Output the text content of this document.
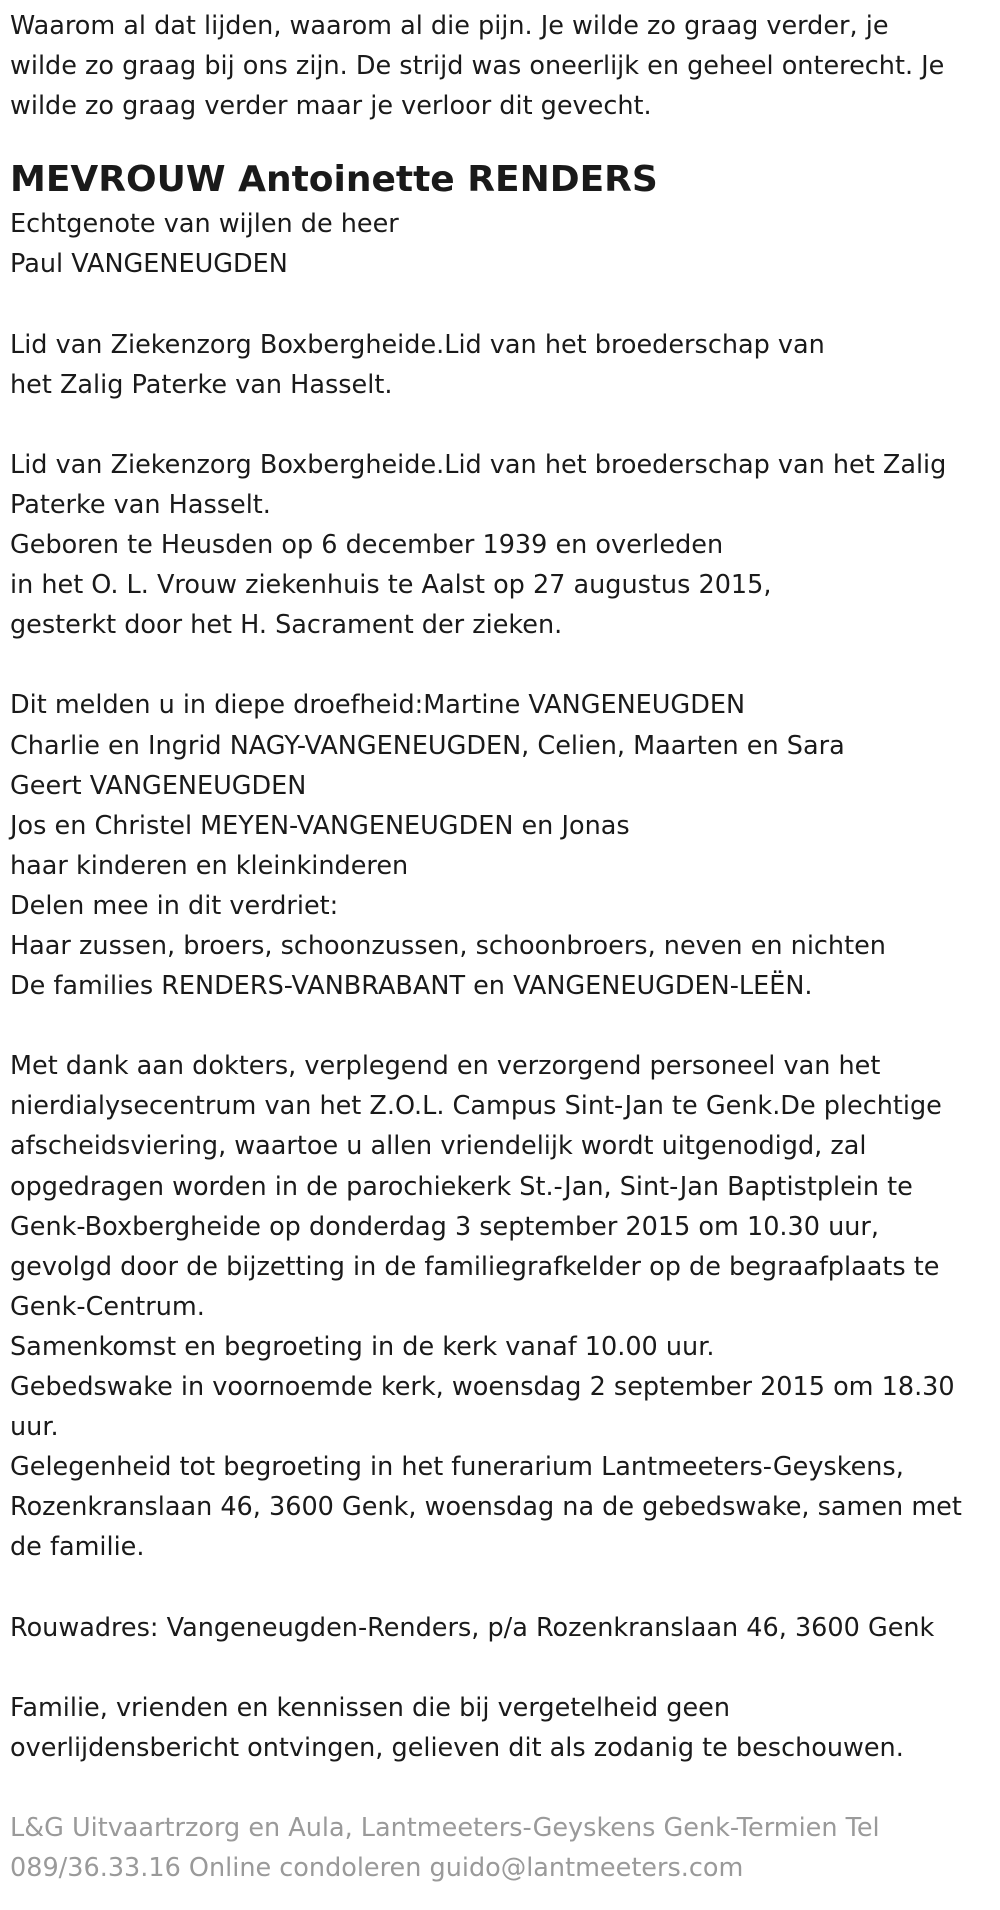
Waarom al dat lijden, waarom al die pijn. Je wilde zo graag verder, je

wilde zo graag bij ons zijn. De strijd was oneerlijk en geheel onterecht. Je

wilde zo graag verder maar je verloor dit gevecht.

MEVROUW Antoinette RENDERS

Echtgenote van wijlen de heer

Paul VANGENEUGDEN

Lid van Ziekenzorg Boxbergheide.Lid van het broederschap van

het Zalig Paterke van Hasselt.

Lid van Ziekenzorg Boxbergheide.Lid van het broederschap van het Zalig

Paterke van Hasselt.

Geboren te Heusden op 6 december 1939 en overleden

in het O. L. Vrouw ziekenhuis te Aalst op 27 augustus 2015,

gesterkt door het H. Sacrament der zieken.

Dit melden u in diepe droefheid:Martine VANGENEUGDEN

Charlie en Ingrid NAGY-VANGENEUGDEN, Celien, Maarten en Sara

Geert VANGENEUGDEN

Jos en Christel MEYEN-VANGENEUGDEN en Jonas

haar kinderen en kleinkinderen

Delen mee in dit verdriet:

Haar zussen, broers, schoonzussen, schoonbroers, neven en nichten

De families RENDERS-VANBRABANT en VANGENEUGDEN-LEËN.

Met dank aan dokters, verplegend en verzorgend personeel van het

nierdialysecentrum van het Z.O.L. Campus Sint-Jan te Genk.De plechtige

afscheidsviering, waartoe u allen vriendelijk wordt uitgenodigd, zal

opgedragen worden in de parochiekerk St.-Jan, Sint-Jan Baptistplein te

Genk-Boxbergheide op donderdag 3 september 2015 om 10.30 uur,

gevolgd door de bijzetting in de familiegrafkelder op de begraafplaats te

Genk-Centrum.

Samenkomst en begroeting in de kerk vanaf 10.00 uur.

Gebedswake in voornoemde kerk, woensdag 2 september 2015 om 18.30

uur.

Gelegenheid tot begroeting in het funerarium Lantmeeters-Geyskens,

Rozenkranslaan 46, 3600 Genk, woensdag na de gebedswake, samen met

de familie.

Rouwadres: Vangeneugden-Renders, p/a Rozenkranslaan 46, 3600 Genk

Familie, vrienden en kennissen die bij vergetelheid geen

overlijdensbericht ontvingen, gelieven dit als zodanig te beschouwen.

L&G Uitvaartrzorg en Aula, Lantmeeters-Geyskens Genk-Termien Tel

089/36.33.16 Online condoleren guido@lantmeeters.com
